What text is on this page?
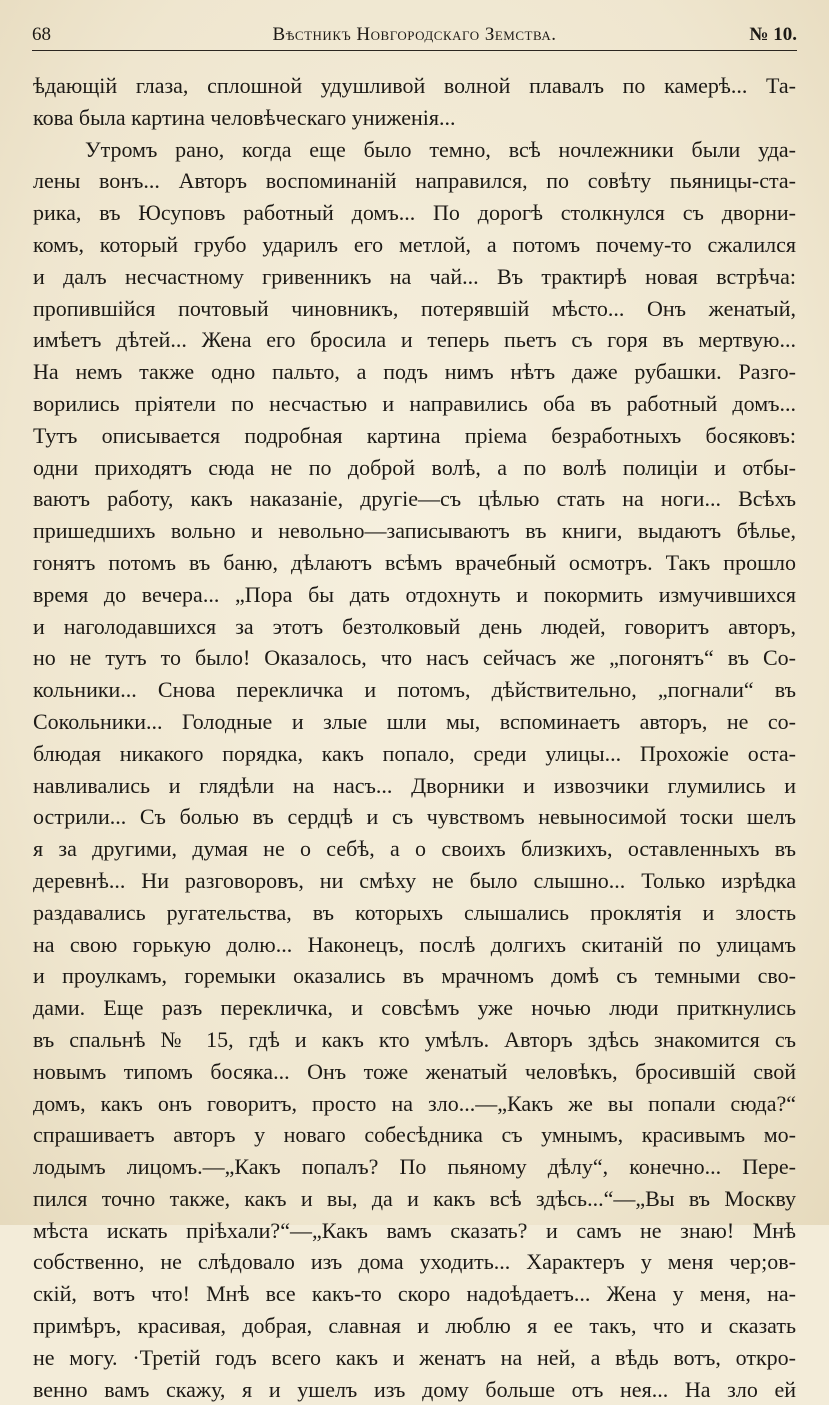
68	Вѣстникъ Новгородскаго Земства.	№ 10.
ѣдающій глаза, сплошной удушливой волной плавалъ по камерѣ... Та-
кова была картина человѣческаго униженія...
Утромъ рано, когда еще было темно, всѣ ночлежники были уда-
лены вонъ... Авторъ воспоминаній направился, по совѣту пьяницы-ста-
рика, въ Юсуповъ работный домъ... По дорогѣ столкнулся съ дворни-
комъ, который грубо ударилъ его метлой, а потомъ почему-то сжалился
и далъ несчастному гривенникъ на чай... Въ трактирѣ новая встрѣча:
пропившійся почтовый чиновникъ, потерявшій мѣсто... Онъ женатый,
имѣетъ дѣтей... Жена его бросила и теперь пьетъ съ горя въ мертвую...
На немъ также одно пальто, а подъ нимъ нѣтъ даже рубашки. Разго-
ворились пріятели по несчастью и направились оба въ работный домъ...
Тутъ описывается подробная картина пріема безработныхъ босяковъ:
одни приходятъ сюда не по доброй волѣ, а по волѣ полиціи и отбы-
ваютъ работу, какъ наказаніе, другіе—съ цѣлью стать на ноги... Всѣхъ
пришедшихъ вольно и невольно—записываютъ въ книги, выдаютъ бѣлье,
гонятъ потомъ въ баню, дѣлаютъ всѣмъ врачебный осмотръ. Такъ прошло
время до вечера... „Пора бы дать отдохнуть и покормить измучившихся
и наголодавшихся за этотъ безтолковый день людей, говоритъ авторъ,
но не тутъ то было! Оказалось, что насъ сейчасъ же „погонятъ“ въ Со-
кольники... Снова перекличка и потомъ, дѣйствительно, „погнали“ въ
Сокольники... Голодные и злые шли мы, вспоминаетъ авторъ, не со-
блюдая никакого порядка, какъ попало, среди улицы... Прохожіе оста-
навливались и глядѣли на насъ... Дворники и извозчики глумились и
острили... Съ болью въ сердцѣ и съ чувствомъ невыносимой тоски шелъ
я за другими, думая не о себѣ, а о своихъ близкихъ, оставленныхъ въ
деревнѣ... Ни разговоровъ, ни смѣху не было слышно... Только изрѣдка
раздавались ругательства, въ которыхъ слышались проклятія и злость
на свою горькую долю... Наконецъ, послѣ долгихъ скитаній по улицамъ
и проулкамъ, горемыки оказались въ мрачномъ домѣ съ темными сво-
дами. Еще разъ перекличка, и совсѣмъ уже ночью люди приткнулись
въ спальнѣ № 15, гдѣ и какъ кто умѣлъ. Авторъ здѣсь знакомится съ
новымъ типомъ босяка... Онъ тоже женатый человѣкъ, бросившій свой
домъ, какъ онъ говоритъ, просто на зло...—„Какъ же вы попали сюда?“
спрашиваетъ авторъ у новаго собесѣдника съ умнымъ, красивымъ мо-
лодымъ лицомъ.—„Какъ попалъ? По пьяному дѣлу“, конечно... Пере-
пился точно также, какъ и вы, да и какъ всѣ здѣсь...“—„Вы въ Москву
мѣста искать пріѣхали?“—„Какъ вамъ сказать? и самъ не знаю! Мнѣ
собственно, не слѣдовало изъ дома уходить... Характеръ у меня чер;ов-
скій, вотъ что! Мнѣ все какъ-то скоро надоѣдаетъ... Жена у меня, на-
примѣръ, красивая, добрая, славная и люблю я ее такъ, что и сказать
не могу. ·Третій годъ всего какъ и женатъ на ней, а вѣдь вотъ, откро-
венно вамъ скажу, я и ушелъ изъ дому больше отъ нея... На зло ей
